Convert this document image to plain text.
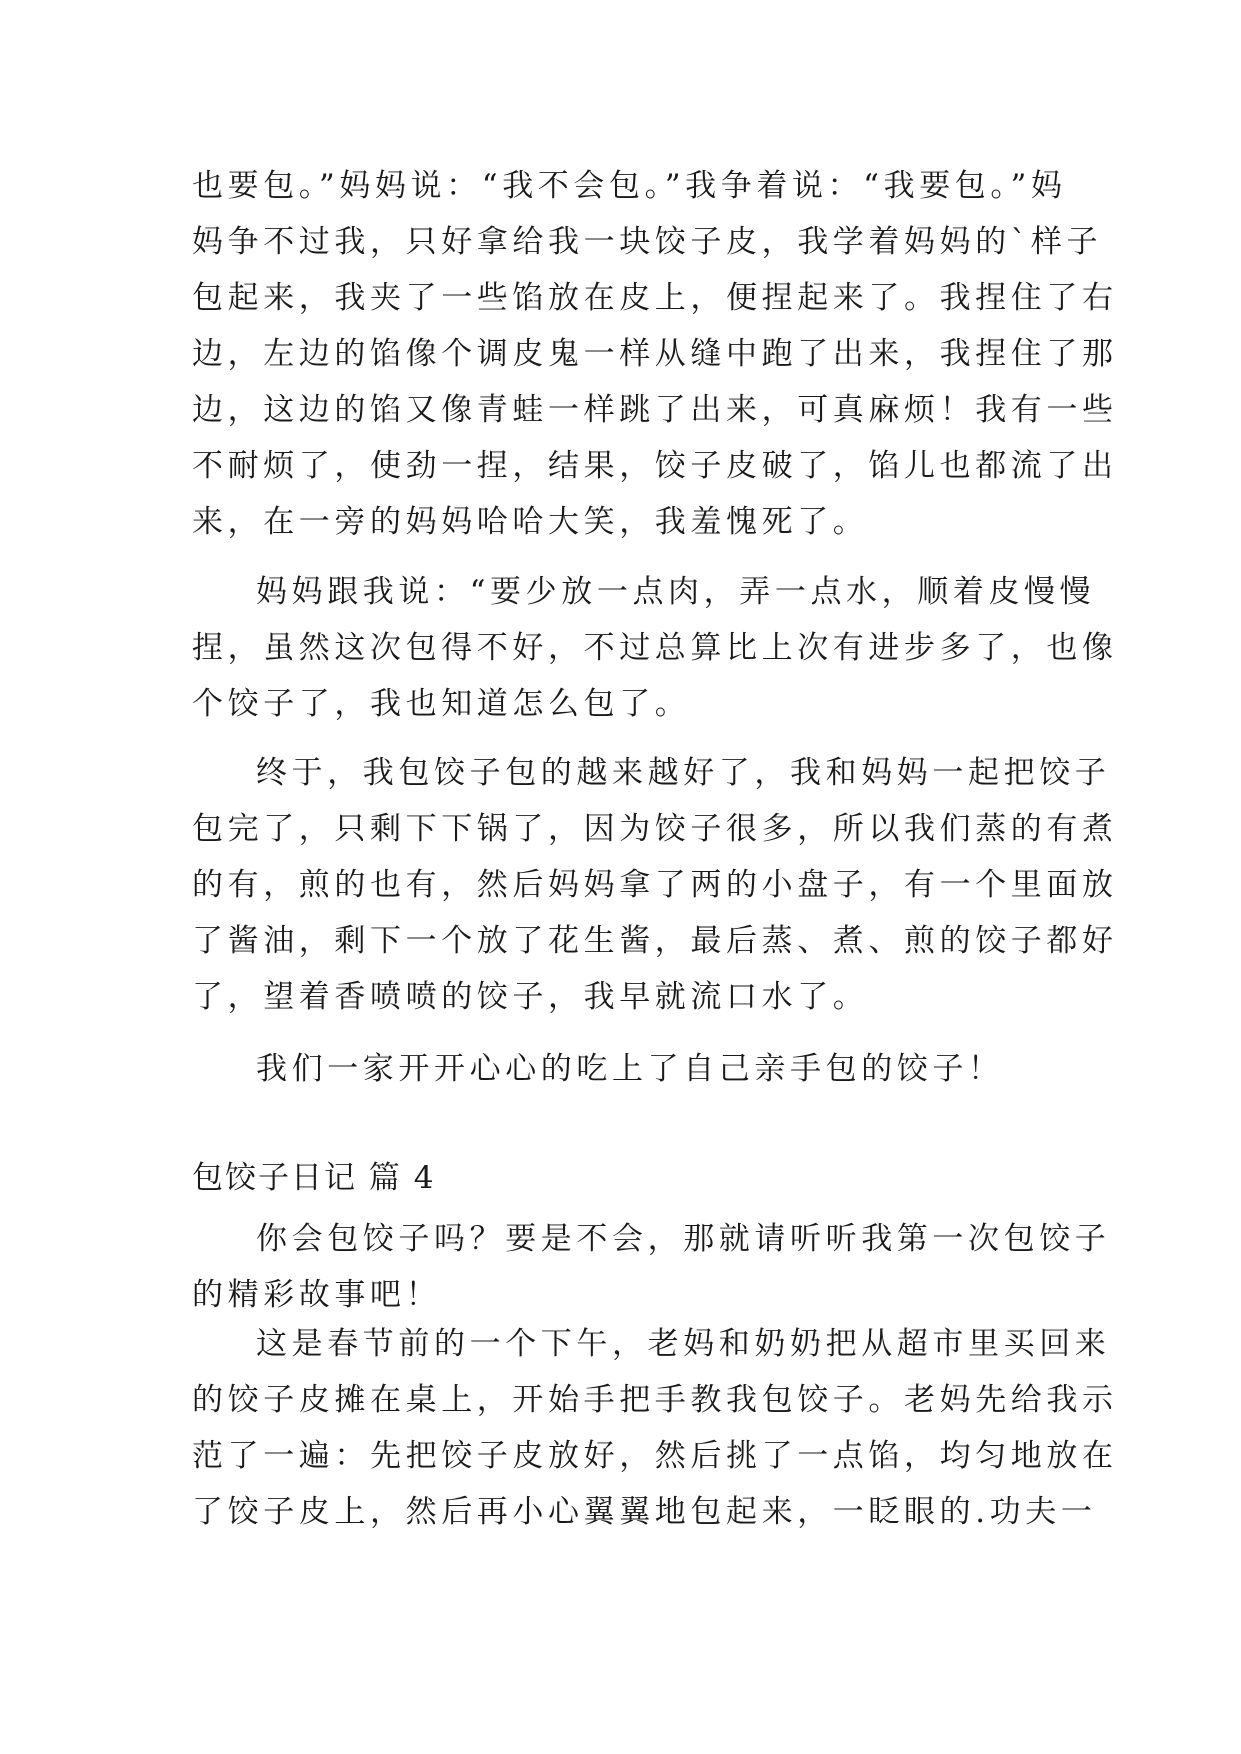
也要包。”妈妈说：“我不会包。”我争着说：“我要包。”妈
妈争不过我，只好拿给我一块饺子皮，我学着妈妈的`样子
包起来，我夹了一些馅放在皮上，便捏起来了。我捏住了右
边，左边的馅像个调皮鬼一样从缝中跑了出来，我捏住了那
边，这边的馅又像青蛙一样跳了出来，可真麻烦！我有一些
不耐烦了，使劲一捏，结果，饺子皮破了，馅儿也都流了出
来，在一旁的妈妈哈哈大笑，我羞愧死了。
妈妈跟我说：“要少放一点肉，弄一点水，顺着皮慢慢
捏，虽然这次包得不好，不过总算比上次有进步多了，也像
个饺子了，我也知道怎么包了。
终于，我包饺子包的越来越好了，我和妈妈一起把饺子
包完了，只剩下下锅了，因为饺子很多，所以我们蒸的有煮
的有，煎的也有，然后妈妈拿了两的小盘子，有一个里面放
了酱油，剩下一个放了花生酱，最后蒸、煮、煎的饺子都好
了，望着香喷喷的饺子，我早就流口水了。
我们一家开开心心的吃上了自己亲手包的饺子！
包饺子日记 篇 4
你会包饺子吗？要是不会，那就请听听我第一次包饺子
的精彩故事吧！
这是春节前的一个下午，老妈和奶奶把从超市里买回来
的饺子皮摊在桌上，开始手把手教我包饺子。老妈先给我示
范了一遍：先把饺子皮放好，然后挑了一点馅，均匀地放在
了饺子皮上，然后再小心翼翼地包起来，一眨眼的.功夫一
